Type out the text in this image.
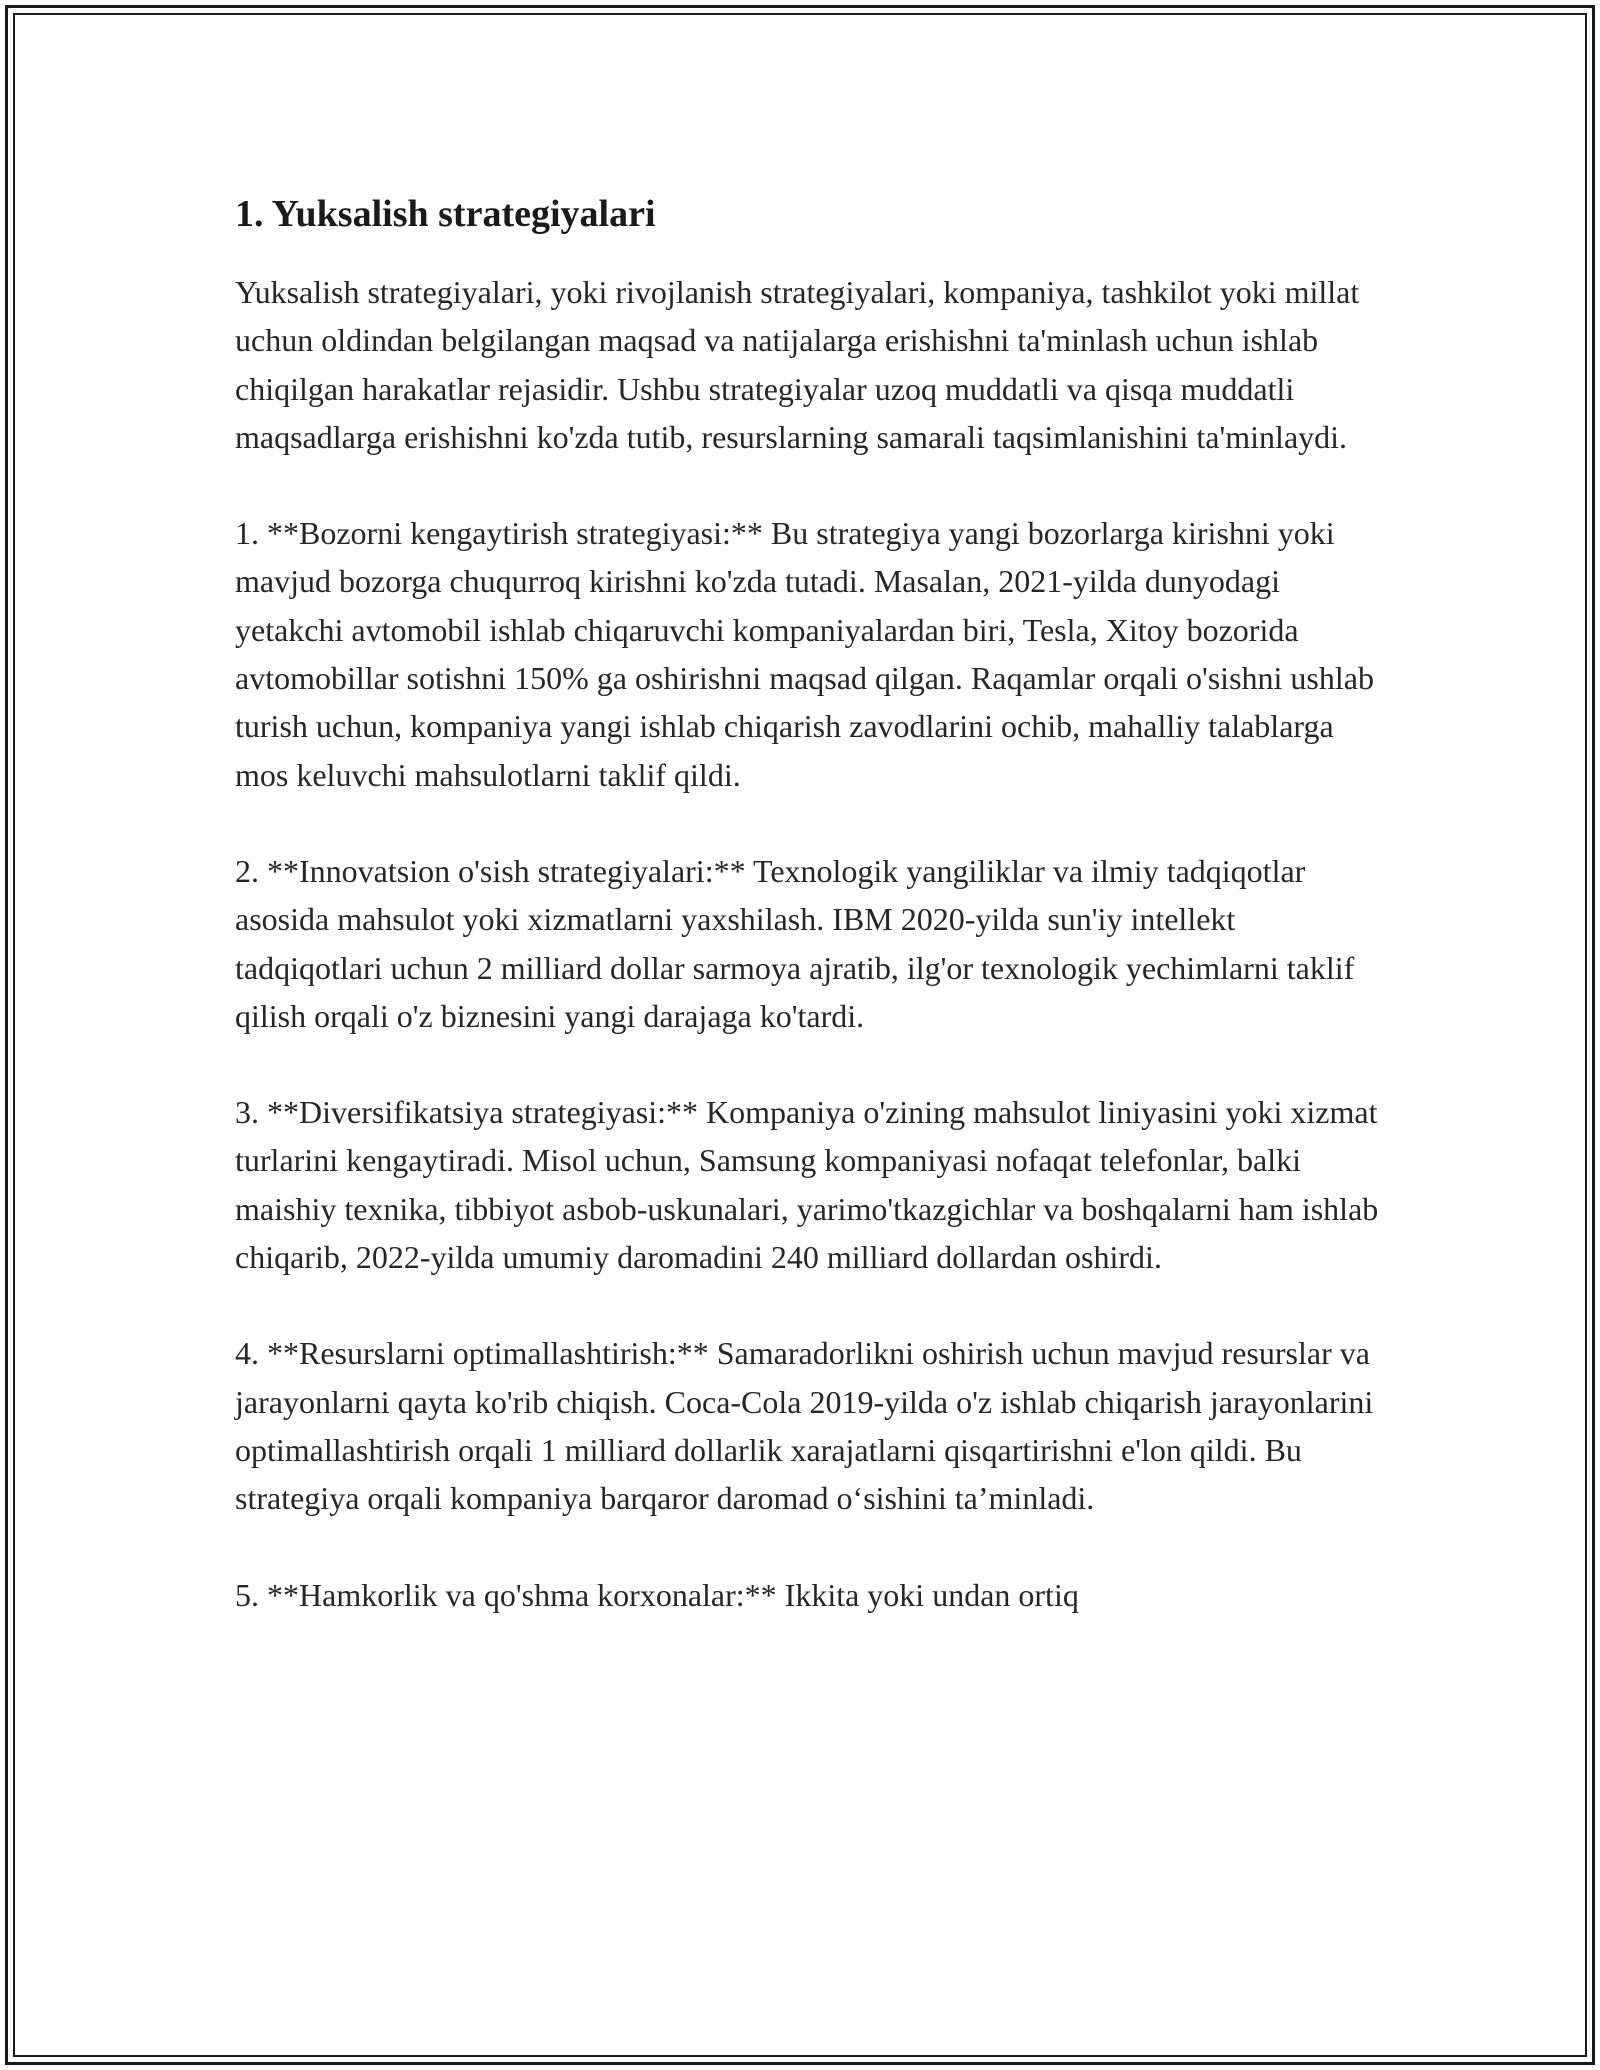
1. Yuksalish strategiyalari

Yuksalish strategiyalari, yoki rivojlanish strategiyalari, kompaniya, tashkilot yoki millat uchun oldindan belgilangan maqsad va natijalarga erishishni ta'minlash uchun ishlab chiqilgan harakatlar rejasidir. Ushbu strategiyalar uzoq muddatli va qisqa muddatli maqsadlarga erishishni ko'zda tutib, resurslarning samarali taqsimlanishini ta'minlaydi.

1. **Bozorni kengaytirish strategiyasi:** Bu strategiya yangi bozorlarga kirishni yoki mavjud bozorga chuqurroq kirishni ko'zda tutadi. Masalan, 2021-yilda dunyodagi yetakchi avtomobil ishlab chiqaruvchi kompaniyalardan biri, Tesla, Xitoy bozorida avtomobillar sotishni 150% ga oshirishni maqsad qilgan. Raqamlar orqali o'sishni ushlab turish uchun, kompaniya yangi ishlab chiqarish zavodlarini ochib, mahalliy talablarga mos keluvchi mahsulotlarni taklif qildi.

2. **Innovatsion o'sish strategiyalari:** Texnologik yangiliklar va ilmiy tadqiqotlar asosida mahsulot yoki xizmatlarni yaxshilash. IBM 2020-yilda sun'iy intellekt tadqiqotlari uchun 2 milliard dollar sarmoya ajratib, ilg'or texnologik yechimlarni taklif qilish orqali o'z biznesini yangi darajaga ko'tardi.

3. **Diversifikatsiya strategiyasi:** Kompaniya o'zining mahsulot liniyasini yoki xizmat turlarini kengaytiradi. Misol uchun, Samsung kompaniyasi nofaqat telefonlar, balki maishiy texnika, tibbiyot asbob-uskunalari, yarimo'tkazgichlar va boshqalarni ham ishlab chiqarib, 2022-yilda umumiy daromadini 240 milliard dollardan oshirdi.

4. **Resurslarni optimallashtirish:** Samaradorlikni oshirish uchun mavjud resurslar va jarayonlarni qayta ko'rib chiqish. Coca-Cola 2019-yilda o'z ishlab chiqarish jarayonlarini optimallashtirish orqali 1 milliard dollarlik xarajatlarni qisqartirishni e'lon qildi. Bu strategiya orqali kompaniya barqaror daromad o‘sishini ta’minladi.

5. **Hamkorlik va qo'shma korxonalar:** Ikkita yoki undan ortiq
